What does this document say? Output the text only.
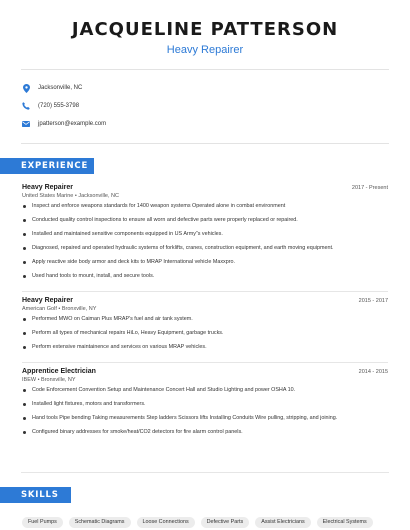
JACQUELINE PATTERSON
Heavy Repairer
Jacksonville, NC
(720) 555-3798
jpatterson@example.com
EXPERIENCE
Heavy Repairer	2017 - Present
United States Marine • Jacksonville, NC
Inspect and enforce weapons standards for 1400 weapon systems Operated alone in combat environment
Conducted quality control inspections to ensure all worn and defective parts were properly replaced or repaired.
Installed and maintained sensitive components equipped in US Army”s vehicles.
Diagnosed, repaired and operated hydraulic systems of forklifts, cranes, construction equipment, and earth moving equipment.
Apply reactive side body armor and deck kits to MRAP International vehicle Maxxpro.
Used hand tools to mount, install, and secure tools.
Heavy Repairer	2015 - 2017
American Golf • Bronxville, NY
Performed MWO on Caiman Plus MRAP's fuel and air tank system.
Perform all types of mechanical repairs HiLo, Heavy Equipment, garbage trucks.
Perform extensive maintainence and services on various MRAP vehicles.
Apprentice Electrician	2014 - 2015
IBEW • Bronxville, NY
Code Enforcement Convention Setup and Maintenance Concert Hall and Studio Lighting and power OSHA 10.
Installed light fixtures, motors and transformers.
Hand tools Pipe bending Taking measurements Step ladders Scissors lifts Installing Conduits Wire pulling, stripping, and joining.
Configured binary addresses for smoke/heat/CO2 detectors for fire alarm control panels.
SKILLS
Fuel Pumps	Schematic Diagrams	Loose Connections	Defective Parts	Assist Electricians	Electrical Systems
